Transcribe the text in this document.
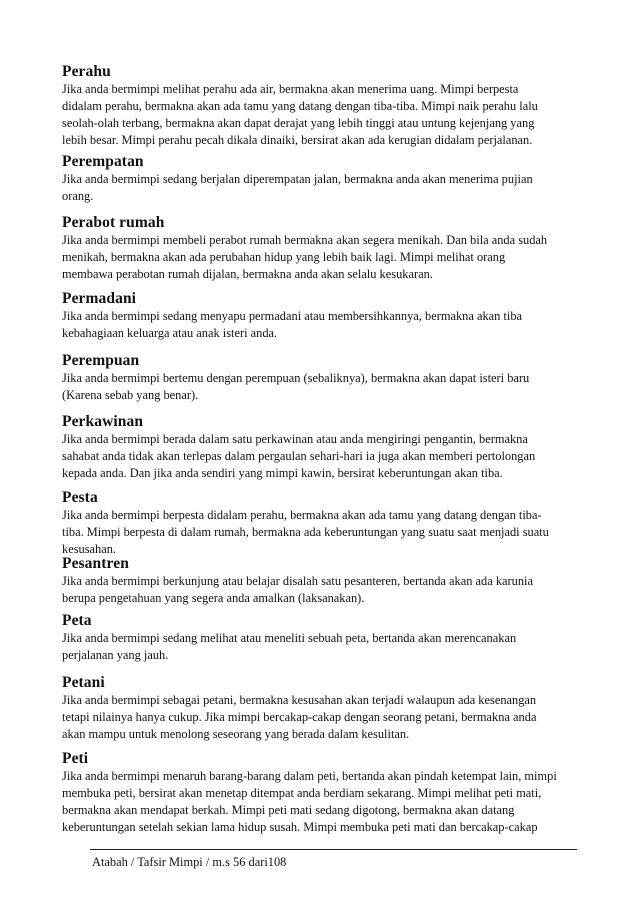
Perahu

Jika anda bermimpi melihat perahu ada air, bermakna akan menerima uang. Mimpi berpesta
didalam perahu, bermakna akan ada tamu yang datang dengan tiba-tiba. Mimpi naik perahu lalu
seolah-olah terbang, bermakna akan dapat derajat yang lebih tinggi atau untung kejenjang yang
lebih besar. Mimpi perahu pecah dikala dinaiki, bersirat akan ada kerugian didalam perjalanan.

Perempatan

Jika anda bermimpi sedang berjalan diperempatan jalan, bermakna anda akan menerima pujian
orang.

Perabot rumah

Jika anda bermimpi membeli perabot rumah bermakna akan segera menikah. Dan bila anda sudah
menikah, bermakna akan ada perubahan hidup yang lebih baik lagi. Mimpi melihat orang
membawa perabotan rumah dijalan, bermakna anda akan selalu kesukaran.

Permadani

Jika anda bermimpi sedang menyapu permadani atau membersihkannya, bermakna akan tiba
kebahagiaan keluarga atau anak isteri anda.

Perempuan

Jika anda bermimpi bertemu dengan perempuan (sebaliknya), bermakna akan dapat isteri baru
(Karena sebab yang benar).

Perkawinan

Jika anda bermimpi berada dalam satu perkawinan atau anda mengiringi pengantin, bermakna
sahabat anda tidak akan terlepas dalam pergaulan sehari-hari ia juga akan memberi pertolongan
kepada anda. Dan jika anda sendiri yang mimpi kawin, bersirat keberuntungan akan tiba.

Pesta

Jika anda bermimpi berpesta didalam perahu, bermakna akan ada tamu yang datang dengan tiba-
tiba. Mimpi berpesta di dalam rumah, bermakna ada keberuntungan yang suatu saat menjadi suatu
kesusahan.

Pesantren

Jika anda bermimpi berkunjung atau belajar disalah satu pesanteren, bertanda akan ada karunia
berupa pengetahuan yang segera anda amalkan (laksanakan).

Peta

Jika anda bermimpi sedang melihat atau meneliti sebuah peta, bertanda akan merencanakan
perjalanan yang jauh.

Petani

Jika anda bermimpi sebagai petani, bermakna kesusahan akan terjadi walaupun ada kesenangan
tetapi nilainya hanya cukup. Jika mimpi bercakap-cakap dengan seorang petani, bermakna anda
akan mampu untuk menolong seseorang yang berada dalam kesulitan.

Peti

Jika anda bermimpi menaruh barang-barang dalam peti, bertanda akan pindah ketempat lain, mimpi
membuka peti, bersirat akan menetap ditempat anda berdiam sekarang. Mimpi melihat peti mati,
bermakna akan mendapat berkah. Mimpi peti mati sedang digotong, bermakna akan datang
keberuntungan setelah sekian lama hidup susah. Mimpi membuka peti mati dan bercakap-cakap

Atabah / Tafsir Mimpi / m.s 56 dari108
